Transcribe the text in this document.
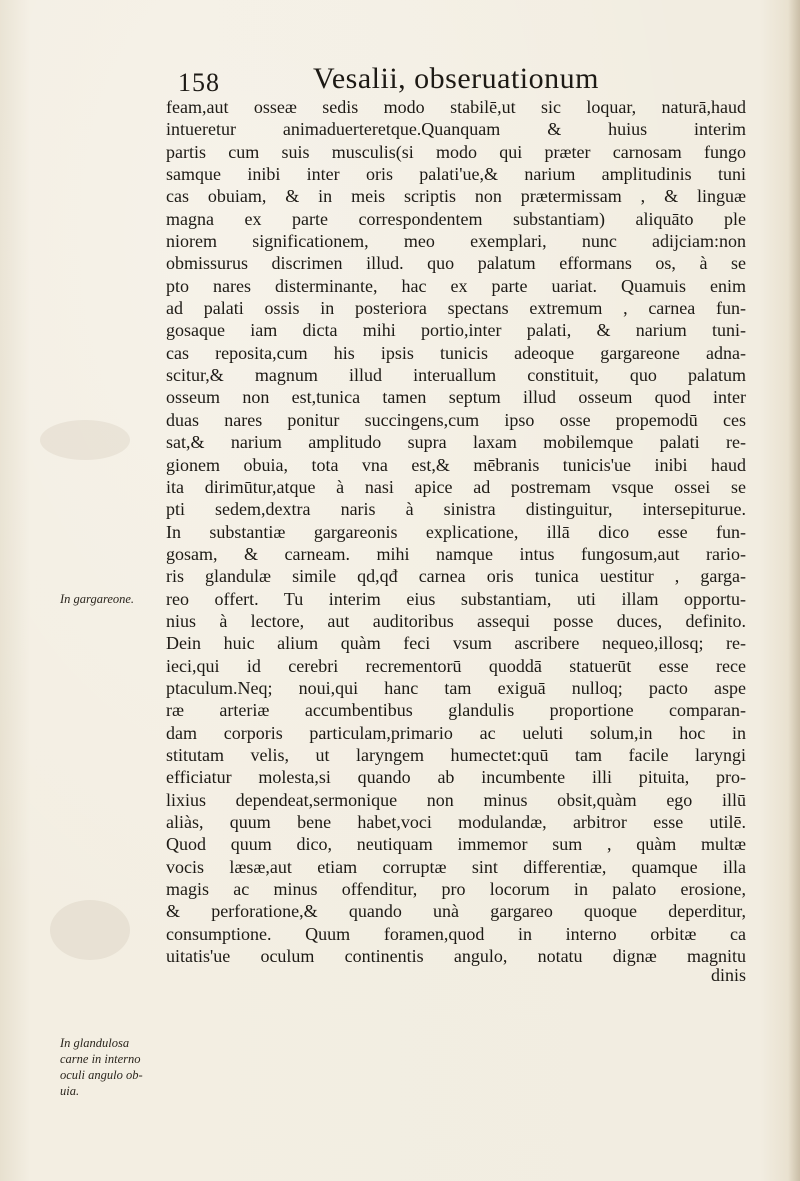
158	Vesalii, obseruationum
feam,aut osseæ sedis modo stabilē,ut sic loquar, naturā,haud
intueretur animaduerteretque.Quanquam & huius interim
partis cum suis musculis(si modo qui præter carnosam fungo
samque inibi inter oris palati'ue,& narium amplitudinis tuni
cas obuiam, & in meis scriptis non prætermissam , & linguæ
magna ex parte correspondentem substantiam) aliquāto ple
niorem significationem, meo exemplari, nunc adijciam:non
obmissurus discrimen illud. quo palatum efformans os, à se
pto nares disterminante, hac ex parte uariat. Quamuis enim
ad palati ossis in posteriora spectans extremum , carnea fun-
gosaque iam dicta mihi portio,inter palati, & narium tuni-
cas reposita,cum his ipsis tunicis adeoque gargareone adna-
scitur,& magnum illud interuallum constituit, quo palatum
osseum non est,tunica tamen septum illud osseum quod inter
duas nares ponitur succingens,cum ipso osse propemodū ces
sat,& narium amplitudo supra laxam mobilemque palati re-
gionem obuia, tota vna est,& mēbranis tunicis'ue inibi haud
ita dirimūtur,atque à nasi apice ad postremam vsque ossei se
pti sedem,dextra naris à sinistra distinguitur, intersepiturue.
In substantiæ gargareonis explicatione, illā dico esse fun-
gosam, & carneam. mihi namque intus fungosum,aut rario-
ris glandulæ simile qd,qđ carnea oris tunica uestitur , garga-
reo offert. Tu interim eius substantiam, uti illam opportu-
nius à lectore, aut auditoribus assequi posse duces, definito.
Dein huic alium quàm feci vsum ascribere nequeo,illosq; re-
ieci,qui id cerebri recrementorū quoddā statuerūt esse rece
ptaculum.Neq; noui,qui hanc tam exiguā nulloq; pacto aspe
ræ arteriæ accumbentibus glandulis proportione comparan-
dam corporis particulam,primario ac ueluti solum,in hoc in
stitutam velis, ut laryngem humectet:quū tam facile laryngi
efficiatur molesta,si quando ab incumbente illi pituita, pro-
lixius dependeat,sermonique non minus obsit,quàm ego illū
aliàs, quum bene habet,voci modulandæ, arbitror esse utilē.
Quod quum dico, neutiquam immemor sum , quàm multæ
vocis læsæ,aut etiam corruptæ sint differentiæ, quamque illa
magis ac minus offenditur, pro locorum in palato erosione,
& perforatione,& quando unà gargareo quoque deperditur,
consumptione. Quum foramen,quod in interno orbitæ ca
uitatis'ue oculum continentis angulo, notatu dignæ magnitu
dinis
In gargareone.
In glandulosa
carne in interno
oculi angulo ob-
uia.
